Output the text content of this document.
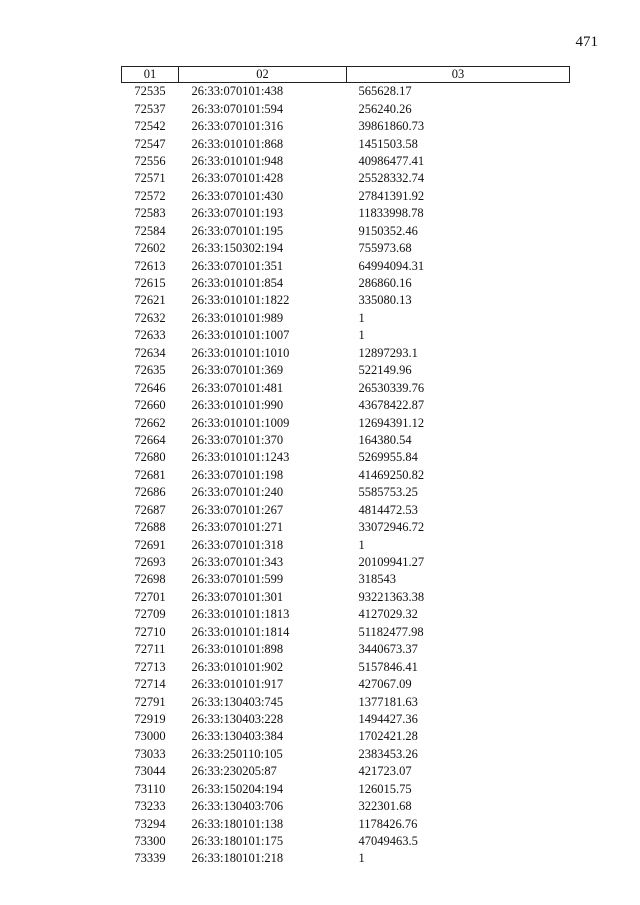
471
01	02	03
72535	26:33:070101:438	565628.17
72537	26:33:070101:594	256240.26
72542	26:33:070101:316	39861860.73
72547	26:33:010101:868	1451503.58
72556	26:33:010101:948	40986477.41
72571	26:33:070101:428	25528332.74
72572	26:33:070101:430	27841391.92
72583	26:33:070101:193	11833998.78
72584	26:33:070101:195	9150352.46
72602	26:33:150302:194	755973.68
72613	26:33:070101:351	64994094.31
72615	26:33:010101:854	286860.16
72621	26:33:010101:1822	335080.13
72632	26:33:010101:989	1
72633	26:33:010101:1007	1
72634	26:33:010101:1010	12897293.1
72635	26:33:070101:369	522149.96
72646	26:33:070101:481	26530339.76
72660	26:33:010101:990	43678422.87
72662	26:33:010101:1009	12694391.12
72664	26:33:070101:370	164380.54
72680	26:33:010101:1243	5269955.84
72681	26:33:070101:198	41469250.82
72686	26:33:070101:240	5585753.25
72687	26:33:070101:267	4814472.53
72688	26:33:070101:271	33072946.72
72691	26:33:070101:318	1
72693	26:33:070101:343	20109941.27
72698	26:33:070101:599	318543
72701	26:33:070101:301	93221363.38
72709	26:33:010101:1813	4127029.32
72710	26:33:010101:1814	51182477.98
72711	26:33:010101:898	3440673.37
72713	26:33:010101:902	5157846.41
72714	26:33:010101:917	427067.09
72791	26:33:130403:745	1377181.63
72919	26:33:130403:228	1494427.36
73000	26:33:130403:384	1702421.28
73033	26:33:250110:105	2383453.26
73044	26:33:230205:87	421723.07
73110	26:33:150204:194	126015.75
73233	26:33:130403:706	322301.68
73294	26:33:180101:138	1178426.76
73300	26:33:180101:175	47049463.5
73339	26:33:180101:218	1
